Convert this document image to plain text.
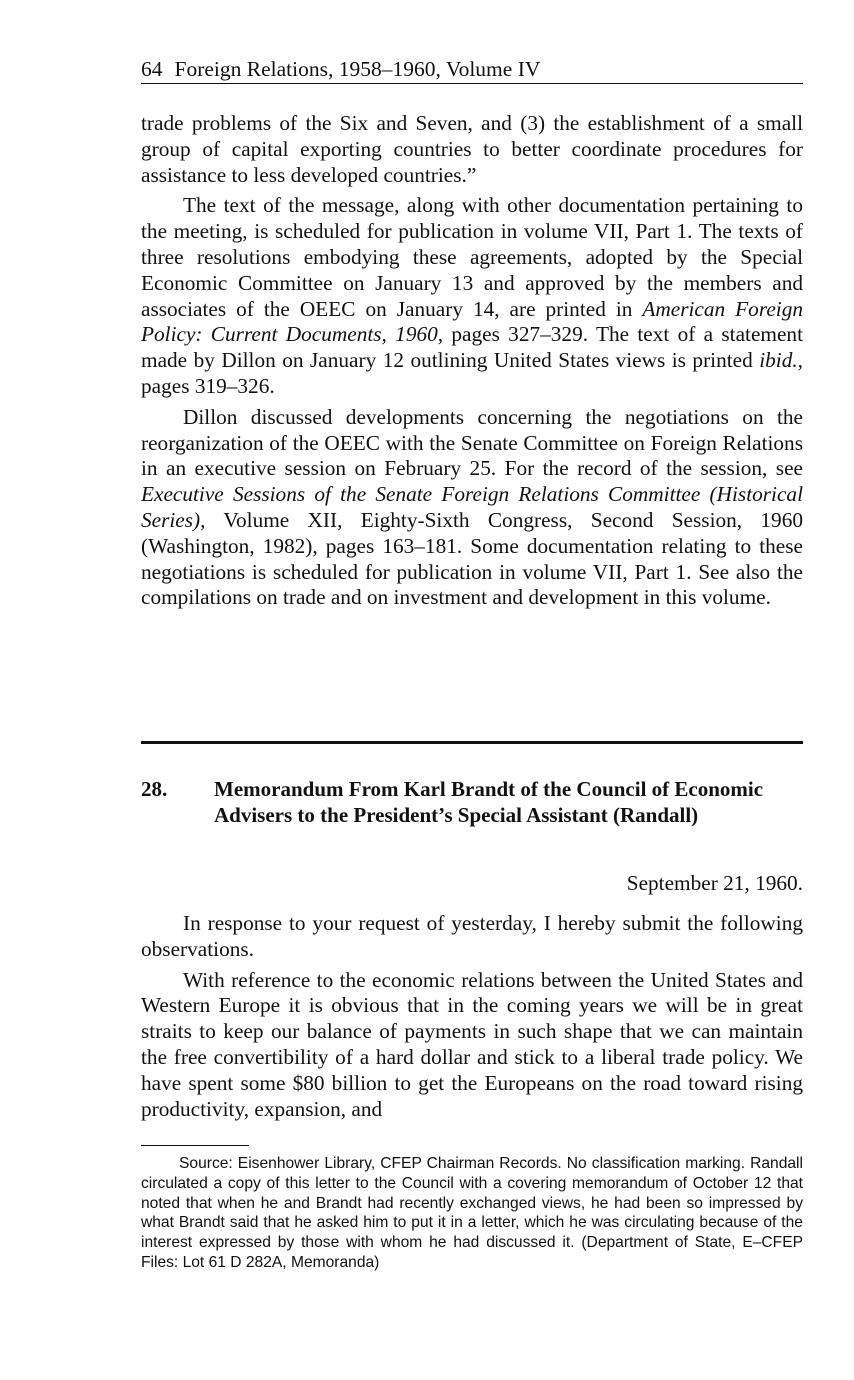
64 Foreign Relations, 1958–1960, Volume IV

trade problems of the Six and Seven, and (3) the establishment of a small group of capital exporting countries to better coordinate procedures for assistance to less developed countries.”

The text of the message, along with other documentation pertaining to the meeting, is scheduled for publication in volume VII, Part 1. The texts of three resolutions embodying these agreements, adopted by the Special Economic Committee on January 13 and approved by the members and associates of the OEEC on January 14, are printed in American Foreign Policy: Current Documents, 1960, pages 327–329. The text of a statement made by Dillon on January 12 outlining United States views is printed ibid., pages 319–326.

Dillon discussed developments concerning the negotiations on the reorganization of the OEEC with the Senate Committee on Foreign Relations in an executive session on February 25. For the record of the session, see Executive Sessions of the Senate Foreign Relations Committee (Historical Series), Volume XII, Eighty-Sixth Congress, Second Session, 1960 (Washington, 1982), pages 163–181. Some documentation relating to these negotiations is scheduled for publication in volume VII, Part 1. See also the compilations on trade and on investment and development in this volume.

28. Memorandum From Karl Brandt of the Council of Economic Advisers to the President’s Special Assistant (Randall)
September 21, 1960.

In response to your request of yesterday, I hereby submit the following observations.

With reference to the economic relations between the United States and Western Europe it is obvious that in the coming years we will be in great straits to keep our balance of payments in such shape that we can maintain the free convertibility of a hard dollar and stick to a liberal trade policy. We have spent some $80 billion to get the Europeans on the road toward rising productivity, expansion, and

Source: Eisenhower Library, CFEP Chairman Records. No classification marking. Randall circulated a copy of this letter to the Council with a covering memorandum of October 12 that noted that when he and Brandt had recently exchanged views, he had been so impressed by what Brandt said that he asked him to put it in a letter, which he was circulating because of the interest expressed by those with whom he had discussed it. (Department of State, E–CFEP Files: Lot 61 D 282A, Memoranda)
